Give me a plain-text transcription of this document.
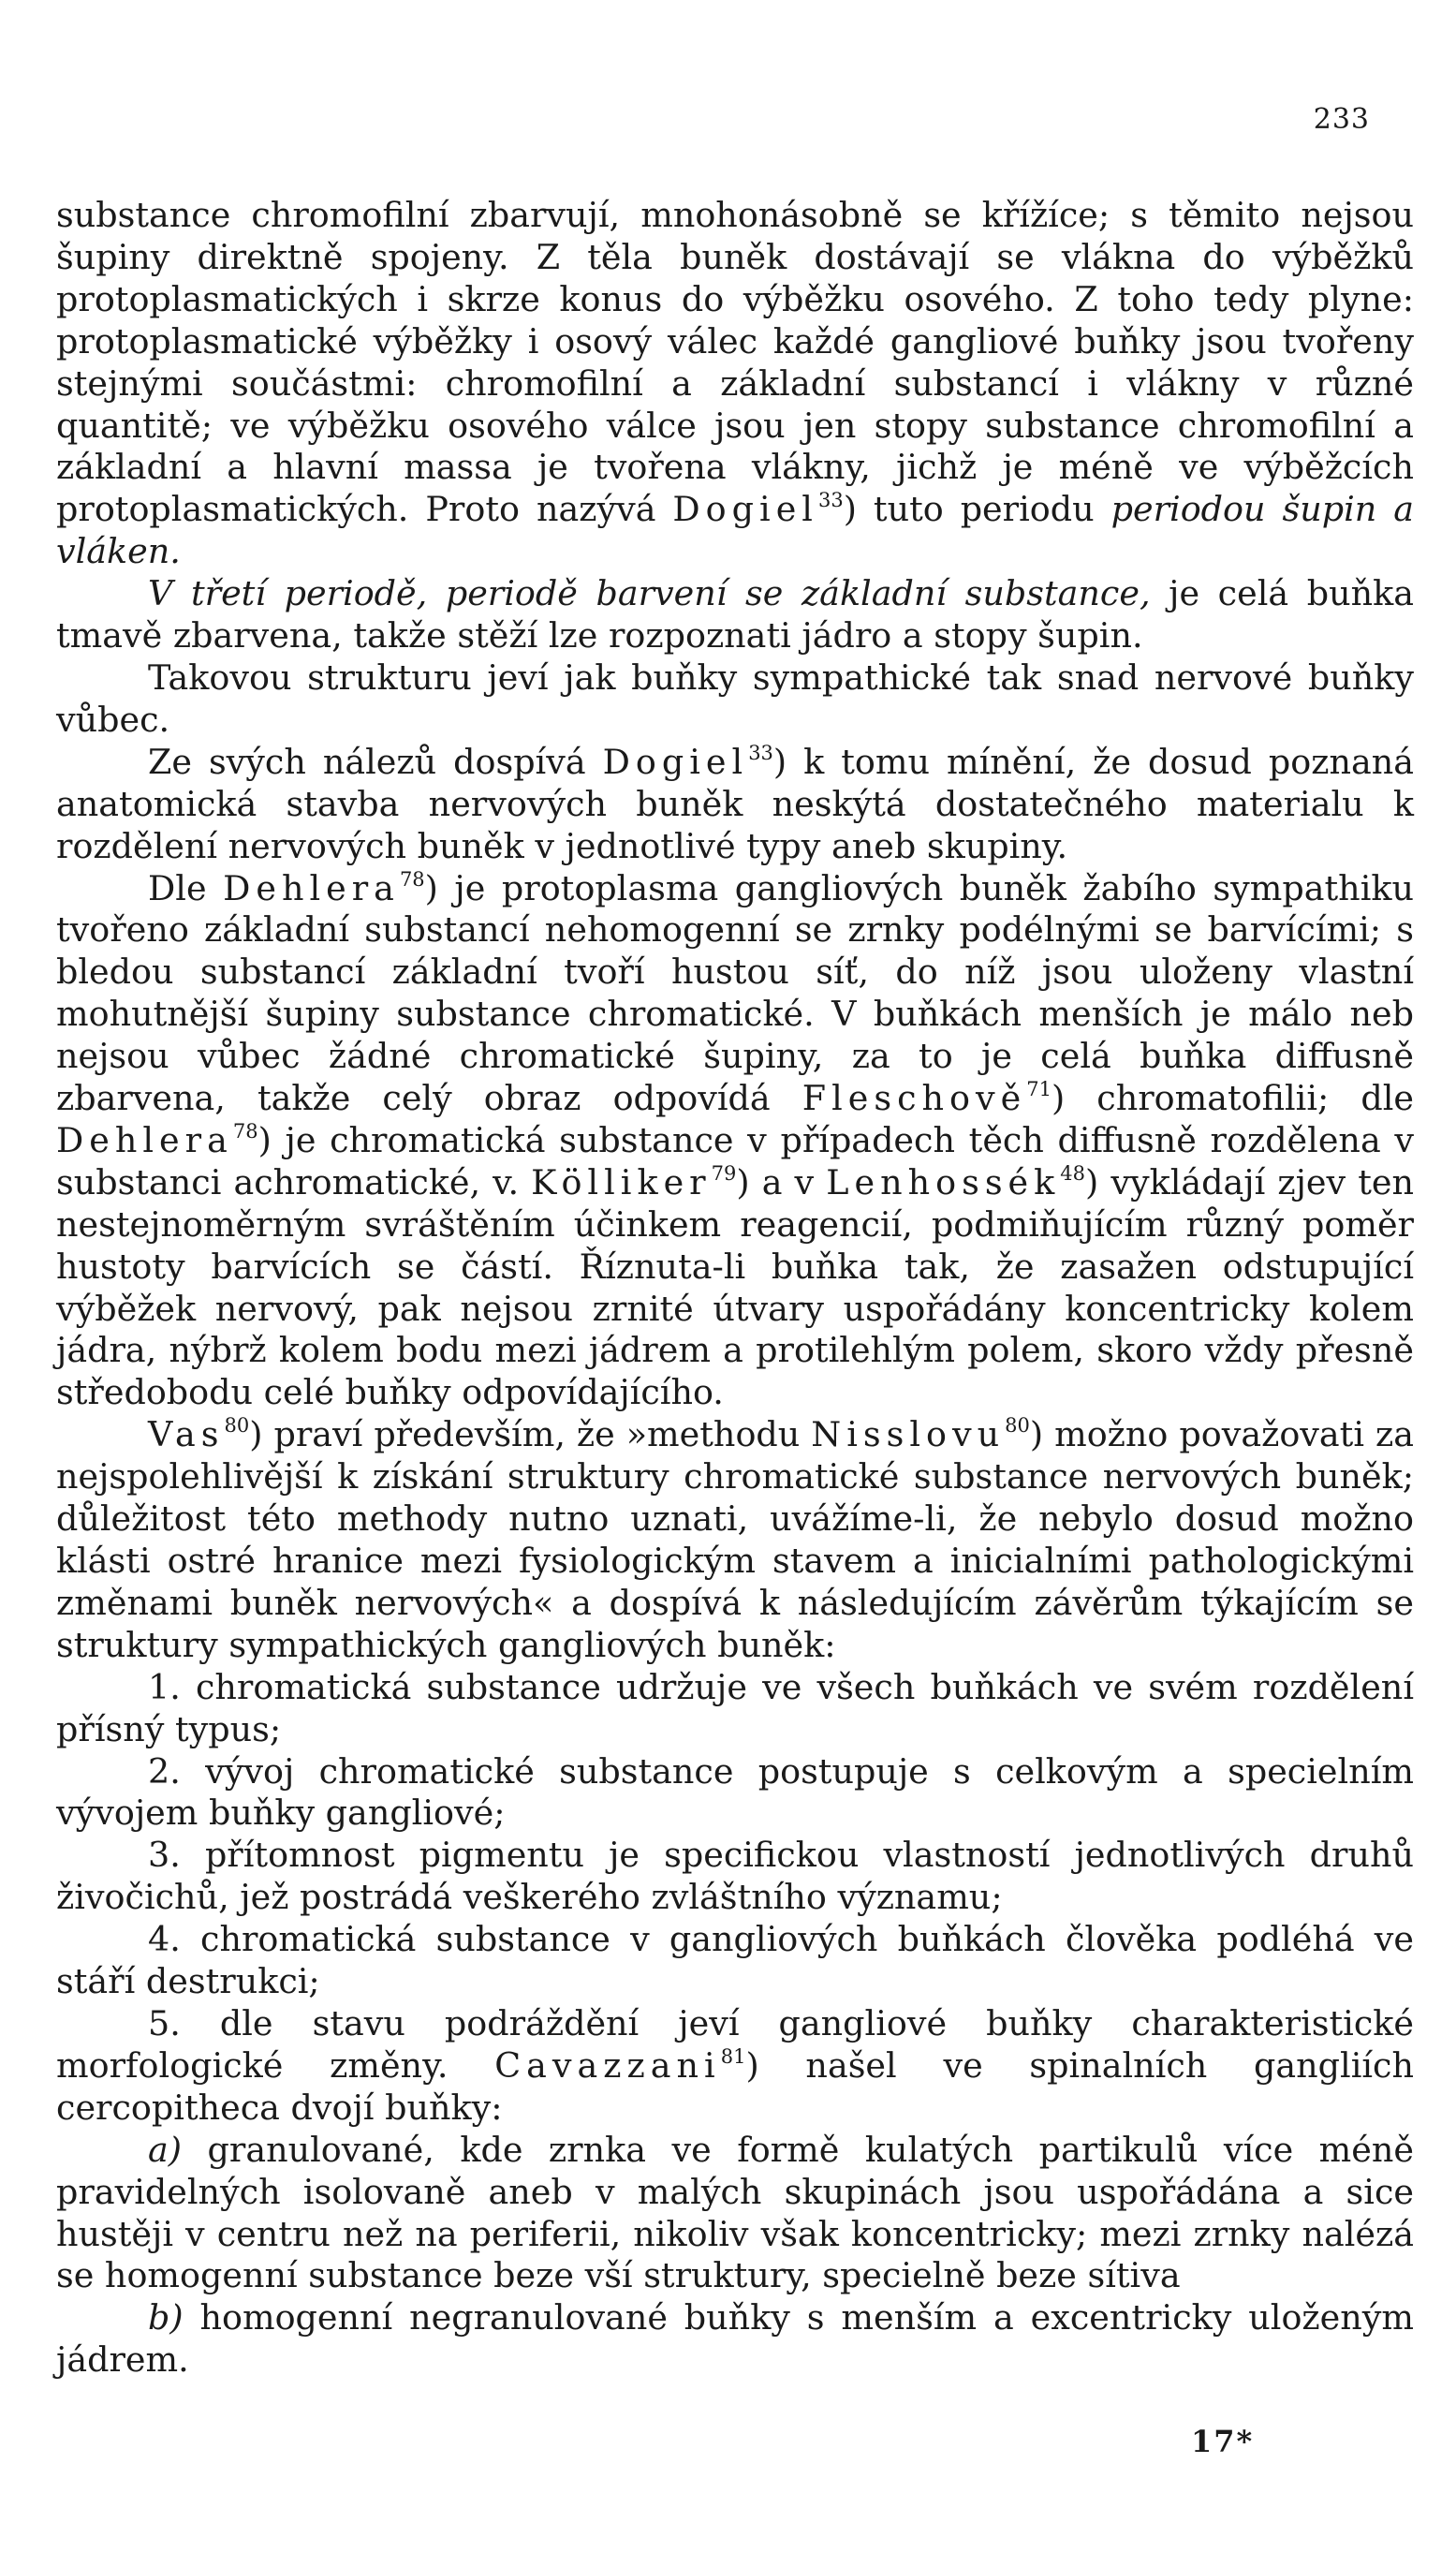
233

substance chromofilní zbarvují, mnohonásobně se křížíce; s těmito nejsou šupiny direktně spojeny. Z těla buněk dostávají se vlákna do výběžků protoplasmatických i skrze konus do výběžku osového. Z toho tedy plyne: protoplasmatické výběžky i osový válec každé gangliové buňky jsou tvořeny stejnými součástmi: chromofilní a základní substancí i vlákny v různé quantitě; ve výběžku osového válce jsou jen stopy substance chromofilní a základní a hlavní massa je tvořena vlákny, jichž je méně ve výběžcích protoplasmatických. Proto nazývá Dogiel$^{33}$) tuto periodu periodou šupin a vláken.

V třetí periodě, periodě barvení se základní substance, je celá buňka tmavě zbarvena, takže stěží lze rozpoznati jádro a stopy šupin.

Takovou strukturu jeví jak buňky sympathické tak snad nervové buňky vůbec.

Ze svých nálezů dospívá Dogiel$^{33}$) k tomu mínění, že dosud poznaná anatomická stavba nervových buněk neskýtá dostatečného materialu k rozdělení nervových buněk v jednotlivé typy aneb skupiny.

Dle Dehlera$^{78}$) je protoplasma gangliových buněk žabího sympathiku tvořeno základní substancí nehomogenní se zrnky podélnými se barvícími; s bledou substancí základní tvoří hustou síť, do níž jsou uloženy vlastní mohutnější šupiny substance chromatické. V buňkách menších je málo neb nejsou vůbec žádné chromatické šupiny, za to je celá buňka diffusně zbarvena, takže celý obraz odpovídá Fleschově$^{71}$) chromatofilii; dle Dehlera$^{78}$) je chromatická substance v případech těch diffusně rozdělena v substanci achromatické, v. Kölliker$^{79}$) a v Lenhossék$^{48}$) vykládají zjev ten nestejnoměrným svráštěním účinkem reagencií, podmiňujícím různý poměr hustoty barvících se částí. Říznuta-li buňka tak, že zasažen odstupující výběžek nervový, pak nejsou zrnité útvary uspořádány koncentricky kolem jádra, nýbrž kolem bodu mezi jádrem a protilehlým polem, skoro vždy přesně středobodu celé buňky odpovídajícího.

Vas$^{80}$) praví především, že »methodu Nisslovu$^{80}$) možno považovati za nejspolehlivější k získání struktury chromatické substance nervových buněk; důležitost této methody nutno uznati, uvážíme-li, že nebylo dosud možno klásti ostré hranice mezi fysiologickým stavem a inicialními pathologickými změnami buněk nervových« a dospívá k následujícím závěrům týkajícím se struktury sympathických gangliových buněk:

1. chromatická substance udržuje ve všech buňkách ve svém rozdělení přísný typus;

2. vývoj chromatické substance postupuje s celkovým a specielním vývojem buňky gangliové;

3. přítomnost pigmentu je specifickou vlastností jednotlivých druhů živočichů, jež postrádá veškerého zvláštního významu;

4. chromatická substance v gangliových buňkách člověka podléhá ve stáří destrukci;

5. dle stavu podráždění jeví gangliové buňky charakteristické morfologické změny. Cavazzani$^{81}$) našel ve spinalních gangliích cercopitheca dvojí buňky:

a) granulované, kde zrnka ve formě kulatých partikulů více méně pravidelných isolovaně aneb v malých skupinách jsou uspořádána a sice hustěji v centru než na periferii, nikoliv však koncentricky; mezi zrnky nalézá se homogenní substance beze vší struktury, specielně beze sítiva

b) homogenní negranulované buňky s menším a excentricky uloženým jádrem.

17*
